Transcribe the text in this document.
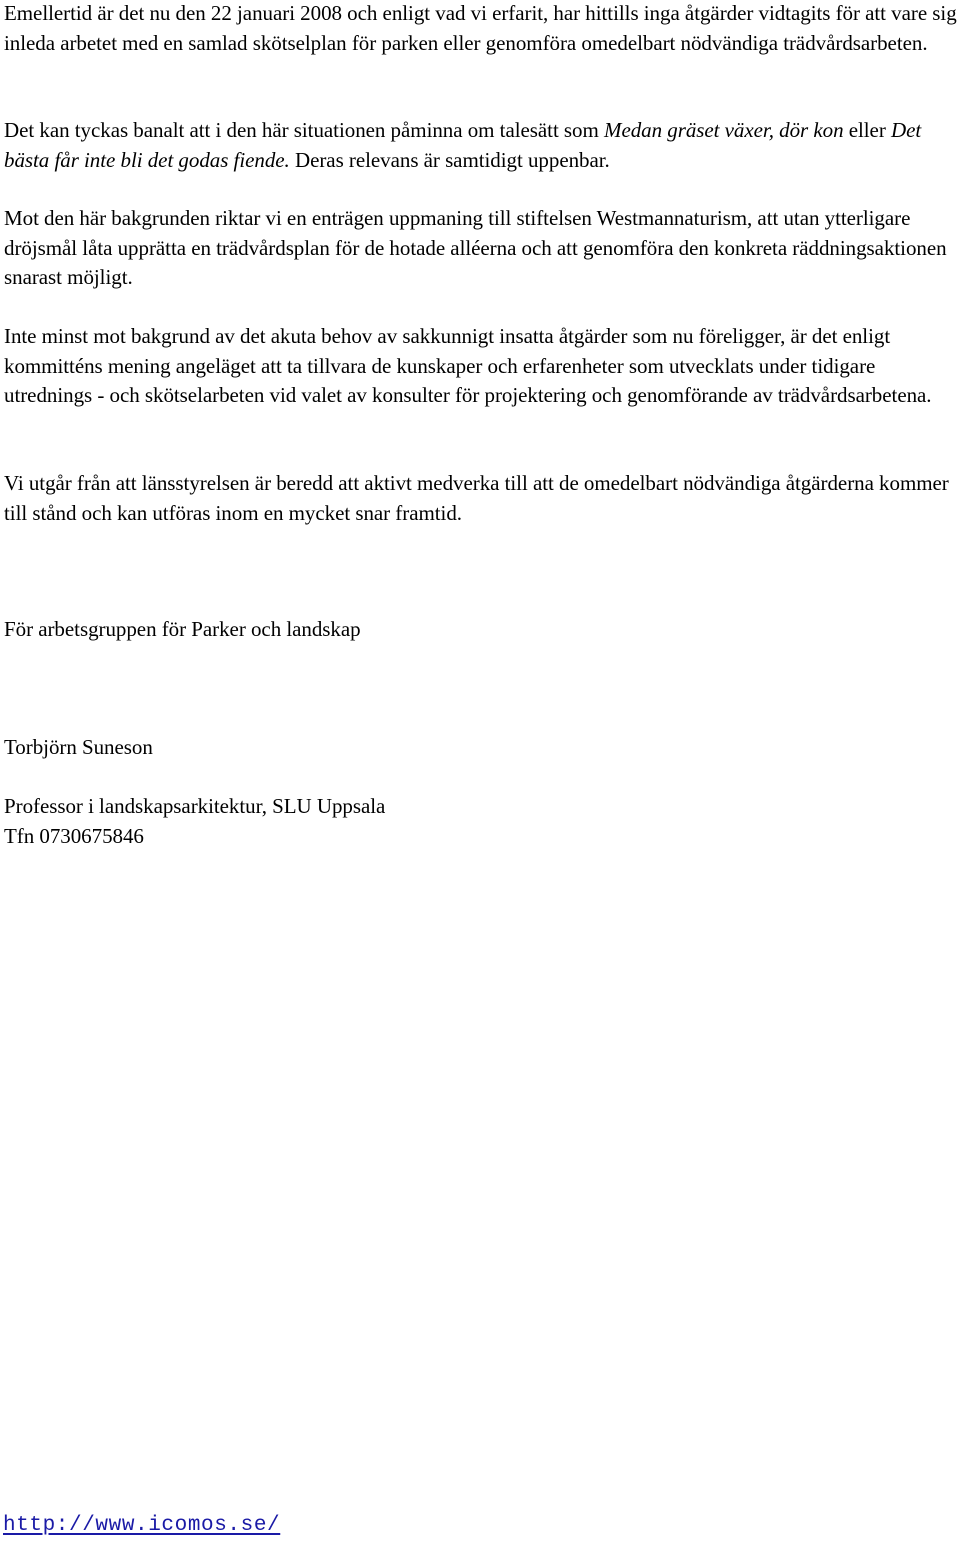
Emellertid är det nu den 22 januari 2008 och enligt vad vi erfarit, har hittills inga åtgärder vidtagits för att vare sig inleda arbetet med en samlad skötselplan för parken eller genomföra omedelbart nödvändiga trädvårdsarbeten.

Det kan tyckas banalt att i den här situationen påminna om talesätt som Medan gräset växer, dör kon eller Det bästa får inte bli det godas fiende. Deras relevans är samtidigt uppenbar.

Mot den här bakgrunden riktar vi en enträgen uppmaning till stiftelsen Westmannaturism, att utan ytterligare dröjsmål låta upprätta en trädvårdsplan för de hotade alléerna och att genomföra den konkreta räddningsaktionen snarast möjligt.

Inte minst mot bakgrund av det akuta behov av sakkunnigt insatta åtgärder som nu föreligger, är det enligt kommitténs mening angeläget att ta tillvara de kunskaper och erfarenheter som utvecklats under tidigare utrednings - och skötselarbeten vid valet av konsulter för projektering och genomförande av trädvårdsarbetena.

Vi utgår från att länsstyrelsen är beredd att aktivt medverka till att de omedelbart nödvändiga åtgärderna kommer till stånd och kan utföras inom en mycket snar framtid.

För arbetsgruppen för Parker och landskap

Torbjörn Suneson

Professor i landskapsarkitektur, SLU Uppsala
Tfn 0730675846

http://www.icomos.se/
